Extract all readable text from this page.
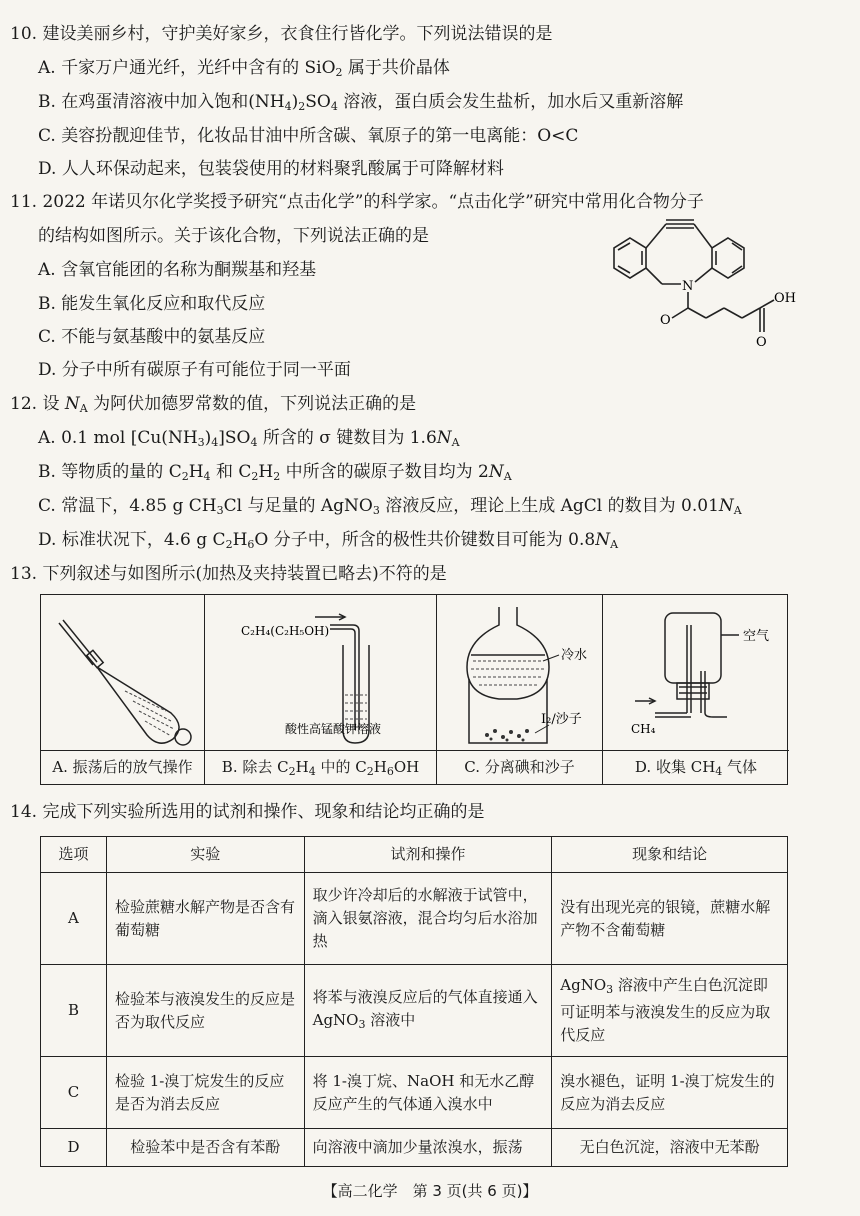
10. 建设美丽乡村，守护美好家乡，衣食住行皆化学。下列说法错误的是
A. 千家万户通光纤，光纤中含有的 SiO$_2$ 属于共价晶体
B. 在鸡蛋清溶液中加入饱和$(NH_4)_2SO_4$ 溶液，蛋白质会发生盐析，加水后又重新溶解
C. 美容扮靓迎佳节，化妆品甘油中所含碳、氧原子的第一电离能：O<C
D. 人人环保动起来，包装袋使用的材料聚乳酸属于可降解材料
11. 2022 年诺贝尔化学奖授予研究“点击化学”的科学家。“点击化学”研究中常用化合物分子
的结构如图所示。关于该化合物，下列说法正确的是
A. 含氧官能团的名称为酮羰基和羟基
B. 能发生氧化反应和取代反应
C. 不能与氨基酸中的氨基反应
D. 分子中所有碳原子有可能位于同一平面
N
O
O
OH
12. 设 $N_A$ 为阿伏加德罗常数的值，下列说法正确的是
A. 0.1 mol $[Cu(NH_3)_4]SO_4$ 所含的 σ 键数目为 $1.6N_A$
B. 等物质的量的 $C_2H_4$ 和 $C_2H_2$ 中所含的碳原子数目均为 $2N_A$
C. 常温下，4.85 g $CH_3Cl$ 与足量的 AgNO$_3$ 溶液反应，理论上生成 AgCl 的数目为 $0.01N_A$
D. 标准状况下，4.6 g $C_2H_6O$ 分子中，所含的极性共价键数目可能为 $0.8N_A$
13. 下列叙述与如图所示(加热及夹持装置已略去)不符的是
A. 振荡后的放气操作
C₂H₄(C₂H₅OH)
酸性高锰酸钾溶液
B. 除去 $C_2H_4$ 中的 $C_2H_6OH$
冷水
I₂/沙子
C. 分离碘和沙子
空气
CH₄
D. 收集 $CH_4$ 气体
14. 完成下列实验所选用的试剂和操作、现象和结论均正确的是
选项	实验	试剂和操作	现象和结论
A	检验蔗糖水解产物是否含有葡萄糖	取少许冷却后的水解液于试管中，滴入银氨溶液，混合均匀后水浴加热	没有出现光亮的银镜，蔗糖水解产物不含葡萄糖
B	检验苯与液溴发生的反应是否为取代反应	将苯与液溴反应后的气体直接通入 AgNO$_3$ 溶液中	AgNO$_3$ 溶液中产生白色沉淀即可证明苯与液溴发生的反应为取代反应
C	检验 1-溴丁烷发生的反应是否为消去反应	将 1-溴丁烷、NaOH 和无水乙醇反应产生的气体通入溴水中	溴水褪色，证明 1-溴丁烷发生的反应为消去反应
D	检验苯中是否含有苯酚	向溶液中滴加少量浓溴水，振荡	无白色沉淀，溶液中无苯酚
【高二化学　第 3 页(共 6 页)】
